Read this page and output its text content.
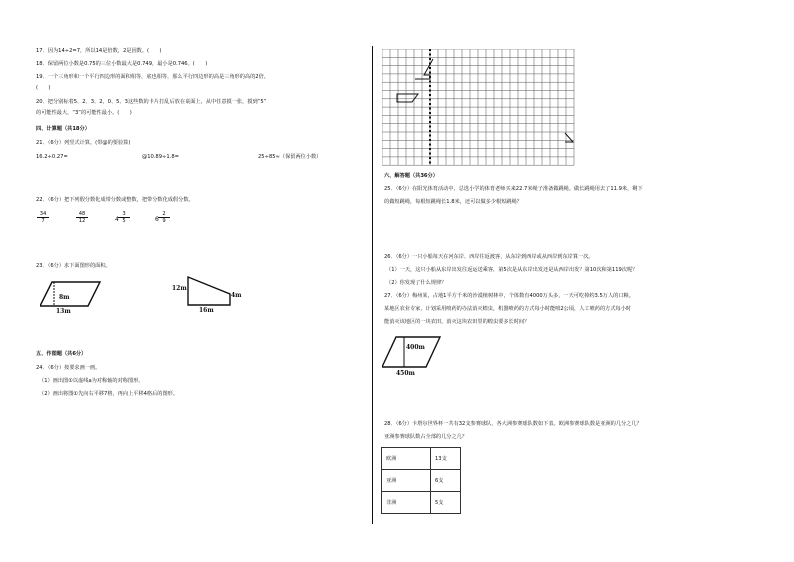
17．因为14÷2=7，所以14是倍数，2是因数。(　　)
18．保留两位小数是0.75的三位小数最大是0.749，最小是0.746。(　　)
19．一个三角形和一个平行四边形的面积相等，底也相等，那么平行四边形的高是三角形的高的2倍。
(　　)
20．把分别标着5、2、3、2、0、5、3这些数的卡片打乱后放在桌面上，从中任意摸一张，摸到“5”
的可能性最大，“3”的可能性最小。(　　)
四、计算题（共18分）
21．（6分）列竖式计算。(带@的要验算)
16.2÷0.27=	@10.89÷1.8=	25÷85≈（保留两位小数）
22．（6分）把下列假分数化成带分数或整数，把带分数化成假分数。
$\frac{34}{7}$	$\frac{48}{12}$	$4 \frac{3}{5}$	$6 \frac{2}{9}$
23．（6分）求下面图形的面积。
8m
13m
12m
4m
16m
五、作图题（共6分）
24．（6分）按要求画一画。
（1）画出图①以虚线a为对称轴的对称图形。
（2）画出将图①先向右平移7格，再向上平移4格后的图形。
六、解答题（共36分）
25．（6分）在阳光体育活动中，总选小学的体育老师买来22.7米绳子准备做跳绳。做长跳绳用去了11.9米，剩下
的做短跳绳，每根短跳绳长1.8米，还可以做多少根短跳绳？
26．（6分）一只小船每天在河东岸、西岸往返渡客，从东岸到西岸或从西岸到东岸算一次。
（1）一天，这只小船从东岸出发往返运送乘客，第5次是从东岸出发还是从西岸出发？第10次和第119次呢？
（2）你发现了什么规律？
27．（6分）梅州某，占地1平方千米的沙漠植树林中，个体数有4000万头多，一天可吃掉约3.5万人的口粮。
某地区农业专家，计划采用喷药的办法消灭蝗虫，机器喷药的方式每小时能喷2公顷，人工喷药的方式每小时
能消灭该地区的一块农田，消灭这块农田里的蝗虫要多长时间？
400m
450m
28．（6分）卡塔尔世界杯一共有32支参赛球队，各大洲参赛球队数如下表。欧洲参赛球队数是亚洲的几分之几？
亚洲参赛球队数占全部的几分之几？
欧洲	13支
亚洲	6支
非洲	5支
